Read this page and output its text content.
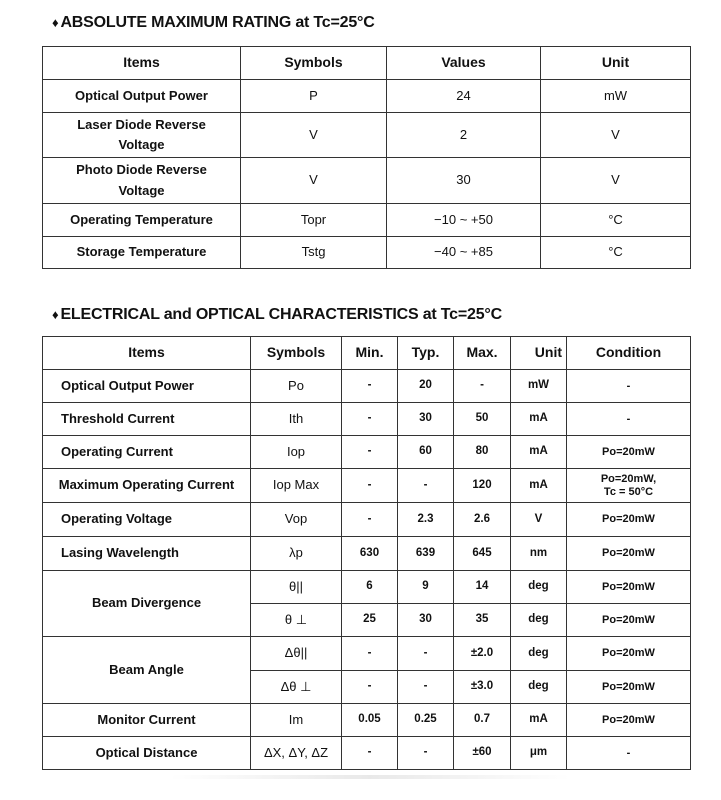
♦ ABSOLUTE MAXIMUM RATING at Tc=25°C
Items	Symbols	Values	Unit
Optical Output Power	P	24	mW
Laser Diode Reverse Voltage	V	2	V
Photo Diode Reverse Voltage	V	30	V
Operating Temperature	Topr	−10 ~ +50	°C
Storage Temperature	Tstg	−40 ~ +85	°C
♦ ELECTRICAL and OPTICAL CHARACTERISTICS at Tc=25°C
Items	Symbols	Min.	Typ.	Max.	Unit	Condition
Optical Output Power	Po	-	20	-	mW	-
Threshold Current	Ith	-	30	50	mA	-
Operating Current	Iop	-	60	80	mA	Po=20mW
Maximum Operating Current	Iop Max	-	-	120	mA	Po=20mW,
Tc = 50°C

Operating Voltage	Vop	-	2.3	2.6	V	Po=20mW
Lasing Wavelength	λp	630	639	645	nm	Po=20mW
Beam Divergence	θ||	6	9	14	deg	Po=20mW
	θ ⊥	25	30	35	deg	Po=20mW
Beam Angle	Δθ||	-	-	±2.0	deg	Po=20mW
	Δθ ⊥	-	-	±3.0	deg	Po=20mW
Monitor Current	Im	0.05	0.25	0.7	mA	Po=20mW
Optical Distance	ΔX, ΔY, ΔZ	-	-	±60	μm	-
